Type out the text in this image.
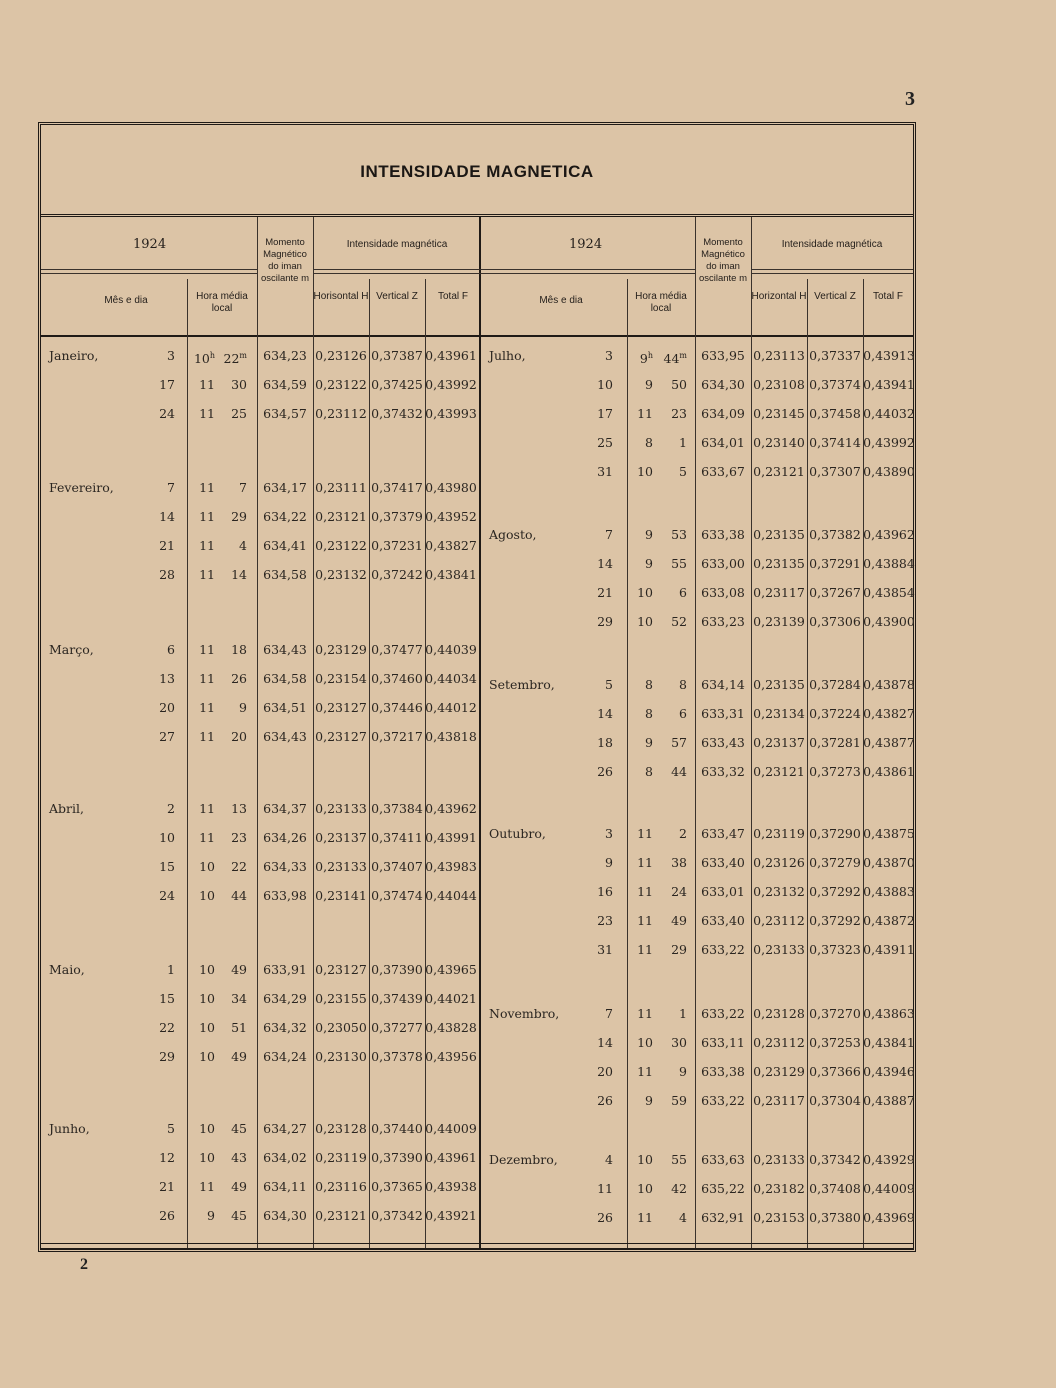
3
INTENSIDADE MAGNETICA
1924
Mês e dia	Hora média local
Momento Magnético do iman oscilante m
Intensidade magnética
Horisontal H Vertical Z	Total F
Janeiro,	3 10$^h$ 22$^m$	634,23 0,23126 0,37387 0,43961
17	11	30	634,59 0,23122 0,37425 0,43992
24	11	25	634,57 0,23112 0,37432 0,43993
Fevereiro,	7	11	7	634,17 0,23111 0,37417 0,43980
14	11	29	634,22 0,23121 0,37379 0,43952
21	11	4	634,41 0,23122 0,37231 0,43827
28	11	14	634,58 0,23132 0,37242 0,43841
Março,	6	11	18	634,43 0,23129 0,37477 0,44039
13	11	26	634,58 0,23154 0,37460 0,44034
20	11	9	634,51 0,23127 0,37446 0,44012
27	11	20	634,43 0,23127 0,37217 0,43818
Abril,	2	11	13	634,37 0,23133 0,37384 0,43962
10	11	23	634,26 0,23137 0,37411 0,43991
15	10	22	634,33 0,23133 0,37407 0,43983
24	10	44	633,98 0,23141 0,37474 0,44044
Maio,	1	10	49	633,91 0,23127 0,37390 0,43965
15	10	34	634,29 0,23155 0,37439 0,44021
22	10	51	634,32 0,23050 0,37277 0,43828
29	10	49	634,24 0,23130 0,37378 0,43956
Junho,	5	10	45	634,27 0,23128 0,37440 0,44009
12	10	43	634,02 0,23119 0,37390 0,43961
21	11	49	634,11 0,23116 0,37365 0,43938
26	9	45	634,30 0,23121 0,37342 0,43921
1924
Mês e dia	Hora média local
Momento Magnético do iman oscilante m
Intensidade magnética
Horizontal H Vertical Z	Total F
Julho,	3	9$^h$ 44$^m$	633,95 0,23113 0,37337 0,43913
10	9	50	634,30 0,23108 0,37374 0,43941
17	11	23	634,09 0,23145 0,37458 0,44032
25	8	1	634,01 0,23140 0,37414 0,43992
31	10	5	633,67 0,23121 0,37307 0,43890
Agosto,	7	9	53	633,38 0,23135 0,37382 0,43962
14	9	55	633,00 0,23135 0,37291 0,43884
21	10	6	633,08 0,23117 0,37267 0,43854
29	10	52	633,23 0,23139 0,37306 0,43900
Setembro,	5	8	8	634,14 0,23135 0,37284 0,43878
14	8	6	633,31 0,23134 0,37224 0,43827
18	9	57	633,43 0,23137 0,37281 0,43877
26	8	44	633,32 0,23121 0,37273 0,43861
Outubro,	3	11	2	633,47 0,23119 0,37290 0,43875
9	11	38	633,40 0,23126 0,37279 0,43870
16	11	24	633,01 0,23132 0,37292 0,43883
23	11	49	633,40 0,23112 0,37292 0,43872
31	11	29	633,22 0,23133 0,37323 0,43911
Novembro,	7	11	1	633,22 0,23128 0,37270 0,43863
14	10	30	633,11 0,23112 0,37253 0,43841
20	11	9	633,38 0,23129 0,37366 0,43946
26	9	59	633,22 0,23117 0,37304 0,43887
Dezembro,	4	10	55	633,63 0,23133 0,37342 0,43929
11	10	42	635,22 0,23182 0,37408 0,44009
26	11	4	632,91 0,23153 0,37380 0,43969
2
